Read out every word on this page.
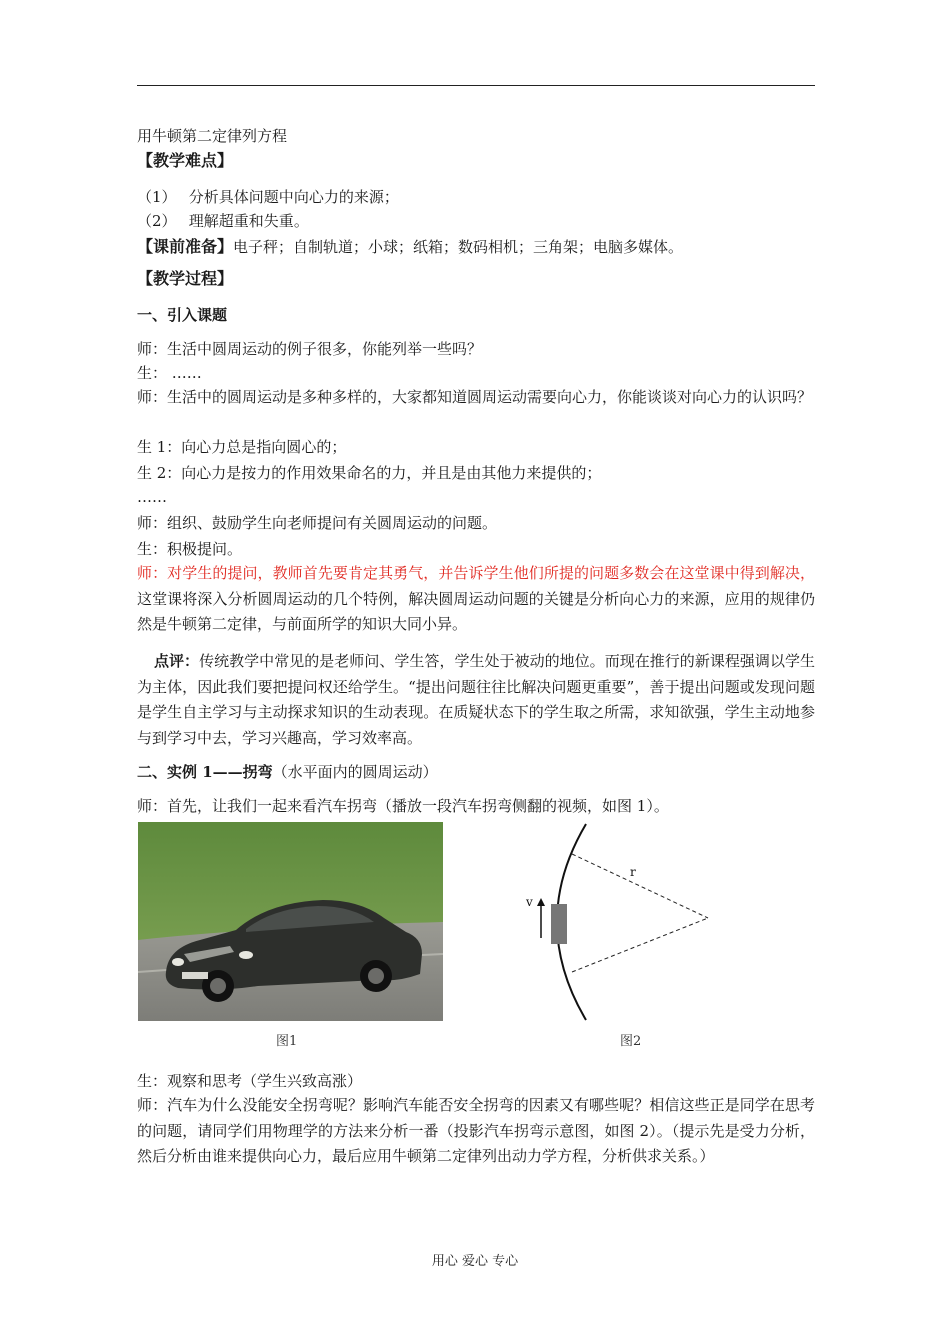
用牛顿第二定律列方程
【教学难点】
（1）　 分析具体问题中向心力的来源；
（2）　 理解超重和失重。
【课前准备】电子秤；自制轨道；小球；纸箱；数码相机；三角架；电脑多媒体。
【教学过程】
一、引入课题
师：生活中圆周运动的例子很多，你能列举一些吗？
生： ……
师：生活中的圆周运动是多种多样的，大家都知道圆周运动需要向心力，你能谈谈对向心力的认识吗？
生 1：向心力总是指向圆心的；
生 2：向心力是按力的作用效果命名的力，并且是由其他力来提供的；
……
师：组织、鼓励学生向老师提问有关圆周运动的问题。
生：积极提问。
师：对学生的提问，教师首先要肯定其勇气，并告诉学生他们所提的问题多数会在这堂课中得到解决，这堂课将深入分析圆周运动的几个特例，解决圆周运动问题的关键是分析向心力的来源，应用的规律仍然是牛顿第二定律，与前面所学的知识大同小异。
点评：传统教学中常见的是老师问、学生答，学生处于被动的地位。而现在推行的新课程强调以学生为主体，因此我们要把提问权还给学生。“提出问题往往比解决问题更重要”，善于提出问题或发现问题是学生自主学习与主动探求知识的生动表现。在质疑状态下的学生取之所需，求知欲强，学生主动地参与到学习中去，学习兴趣高，学习效率高。
二、实例 1——拐弯（水平面内的圆周运动）
师：首先，让我们一起来看汽车拐弯（播放一段汽车拐弯侧翻的视频，如图 1）。
v
r
图1	图2
生：观察和思考（学生兴致高涨）
师：汽车为什么没能安全拐弯呢？影响汽车能否安全拐弯的因素又有哪些呢？相信这些正是同学在思考的问题，请同学们用物理学的方法来分析一番（投影汽车拐弯示意图，如图 2）。（提示先是受力分析，然后分析由谁来提供向心力，最后应用牛顿第二定律列出动力学方程，分析供求关系。）
用心 爱心 专心
